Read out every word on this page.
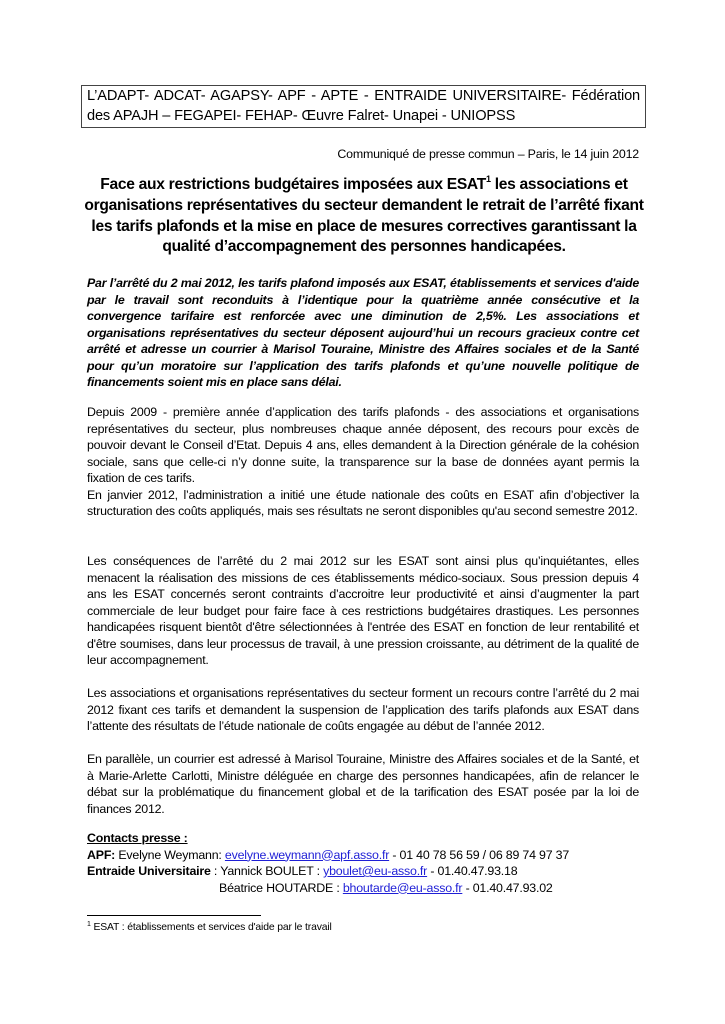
L’ADAPT- ADCAT- AGAPSY- APF - APTE - ENTRAIDE UNIVERSITAIRE- Fédération des APAJH – FEGAPEI- FEHAP- Œuvre Falret- Unapei - UNIOPSS
Communiqué de presse commun – Paris, le 14 juin 2012
Face aux restrictions budgétaires imposées aux ESAT$^1$ les associations et organisations représentatives du secteur demandent le retrait de l’arrêté fixant les tarifs plafonds et la mise en place de mesures correctives garantissant la qualité d’accompagnement des personnes handicapées.
Par l’arrêté du 2 mai 2012, les tarifs plafond imposés aux ESAT, établissements et services d'aide par le travail sont reconduits à l’identique pour la quatrième année consécutive et la convergence tarifaire est renforcée avec une diminution de 2,5%. Les associations et organisations représentatives du secteur déposent aujourd’hui un recours gracieux contre cet arrêté et adresse un courrier à Marisol Touraine, Ministre des Affaires sociales et de la Santé pour qu’un moratoire sur l’application des tarifs plafonds et qu’une nouvelle politique de financements soient mis en place sans délai.
Depuis 2009 - première année d’application des tarifs plafonds - des associations et organisations représentatives du secteur, plus nombreuses chaque année déposent, des recours pour excès de pouvoir devant le Conseil d’Etat. Depuis 4 ans, elles demandent à la Direction générale de la cohésion sociale, sans que celle-ci n’y donne suite, la transparence sur la base de données ayant permis la fixation de ces tarifs.
En janvier 2012, l’administration a initié une étude nationale des coûts en ESAT afin d’objectiver la structuration des coûts appliqués, mais ses résultats ne seront disponibles qu'au second semestre 2012.
Les conséquences de l’arrêté du 2 mai 2012 sur les ESAT sont ainsi plus qu’inquiétantes, elles menacent la réalisation des missions de ces établissements médico-sociaux. Sous pression depuis 4 ans les ESAT concernés seront contraints d’accroitre leur productivité et ainsi d’augmenter la part commerciale de leur budget pour faire face à ces restrictions budgétaires drastiques. Les personnes handicapées risquent bientôt d'être sélectionnées à l'entrée des ESAT en fonction de leur rentabilité et d'être soumises, dans leur processus de travail, à une pression croissante, au détriment de la qualité de leur accompagnement.
Les associations et organisations représentatives du secteur forment un recours contre l’arrêté du 2 mai 2012 fixant ces tarifs et demandent la suspension de l’application des tarifs plafonds aux ESAT dans l’attente des résultats de l’étude nationale de coûts engagée au début de l’année 2012.
En parallèle, un courrier est adressé à Marisol Touraine, Ministre des Affaires sociales et de la Santé, et à Marie-Arlette Carlotti, Ministre déléguée en charge des personnes handicapées, afin de relancer le débat sur la problématique du financement global et de la tarification des ESAT posée par la loi de finances 2012.
Contacts presse :
APF: Evelyne Weymann: evelyne.weymann@apf.asso.fr - 01 40 78 56 59 / 06 89 74 97 37
Entraide Universitaire : Yannick BOULET : yboulet@eu-asso.fr - 01.40.47.93.18
Béatrice HOUTARDE : bhoutarde@eu-asso.fr - 01.40.47.93.02
$^1$ ESAT : établissements et services d'aide par le travail
